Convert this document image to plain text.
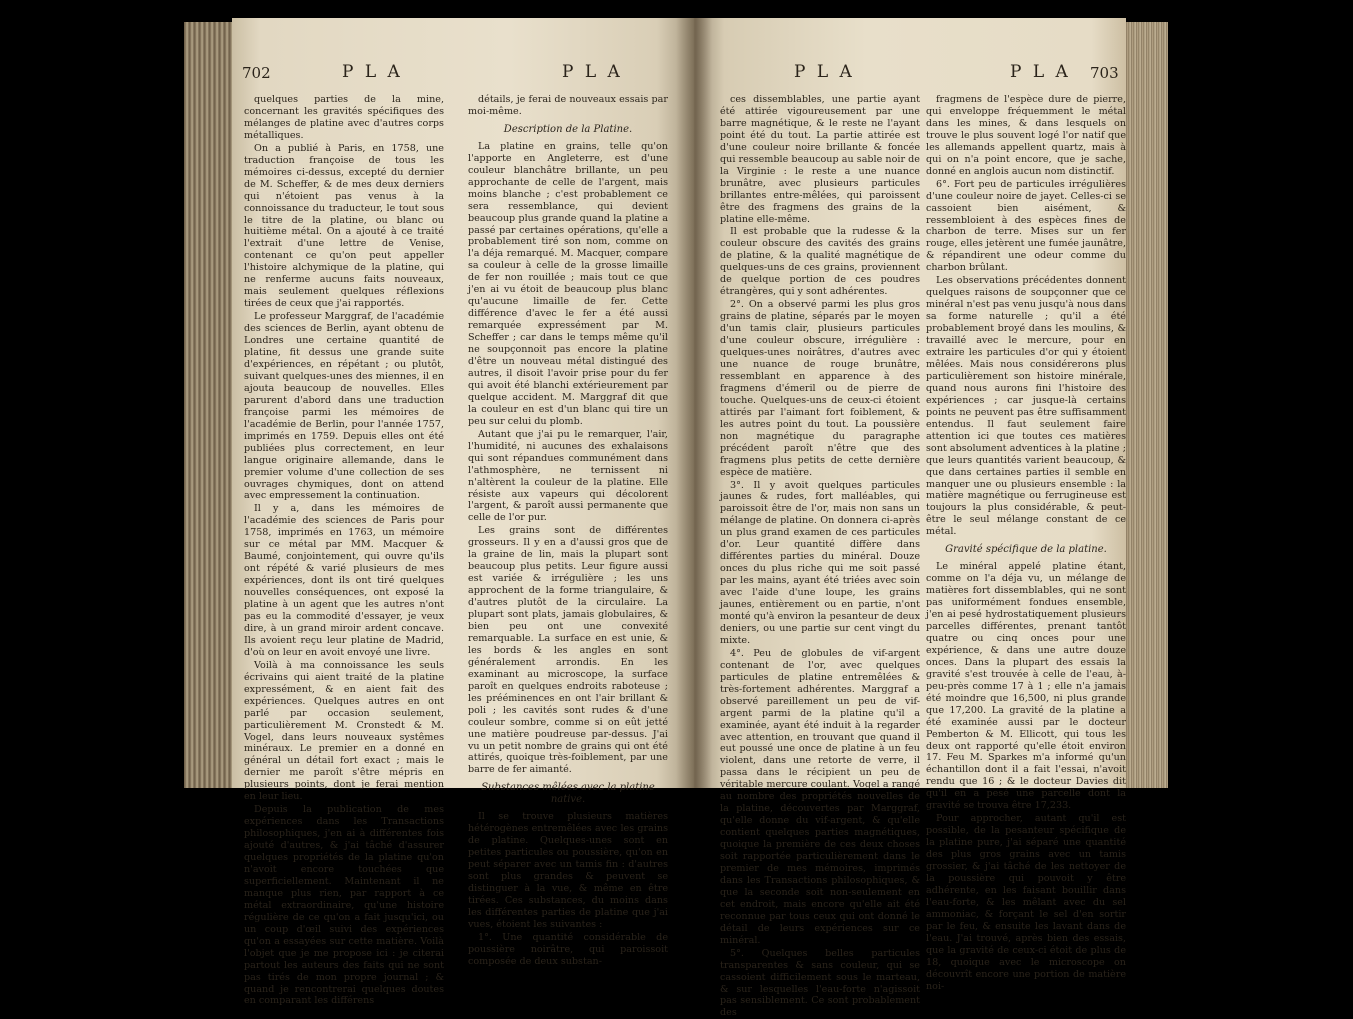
702	P L A	P L A

quelques parties de la mine, concernant les gravités spécifiques des mélanges de platine avec d'autres corps métalliques.

On a publié à Paris, en 1758, une traduction françoise de tous les mémoires ci-dessus, excepté du dernier de M. Scheffer, & de mes deux derniers qui n'étoient pas venus à la connoissance du traducteur, le tout sous le titre de la platine, ou blanc ou huitième métal. On a ajouté à ce traité l'extrait d'une lettre de Venise, contenant ce qu'on peut appeller l'histoire alchymique de la platine, qui ne renferme aucuns faits nouveaux, mais seulement quelques réflexions tirées de ceux que j'ai rapportés.

Le professeur Marggraf, de l'académie des sciences de Berlin, ayant obtenu de Londres une certaine quantité de platine, fit dessus une grande suite d'expériences, en répétant ; ou plutôt, suivant quelques-unes des miennes, il en ajouta beaucoup de nouvelles. Elles parurent d'abord dans une traduction françoise parmi les mémoires de l'académie de Berlin, pour l'année 1757, imprimés en 1759. Depuis elles ont été publiées plus correctement, en leur langue originaire allemande, dans le premier volume d'une collection de ses ouvrages chymiques, dont on attend avec empressement la continuation.

Il y a, dans les mémoires de l'académie des sciences de Paris pour 1758, imprimés en 1763, un mémoire sur ce métal par MM. Macquer & Baumé, conjointement, qui ouvre qu'ils ont répété & varié plusieurs de mes expériences, dont ils ont tiré quelques nouvelles conséquences, ont exposé la platine à un agent que les autres n'ont pas eu la commodité d'essayer, je veux dire, à un grand miroir ardent concave. Ils avoient reçu leur platine de Madrid, d'où on leur en avoit envoyé une livre.

Voilà à ma connoissance les seuls écrivains qui aient traité de la platine expressément, & en aient fait des expériences. Quelques autres en ont parlé par occasion seulement, particulièrement M. Cronstedt & M. Vogel, dans leurs nouveaux systêmes minéraux. Le premier en a donné en général un détail fort exact ; mais le dernier me paroît s'être mépris en plusieurs points, dont je ferai mention en leur lieu.

Depuis la publication de mes expériences dans les Transactions philosophiques, j'en ai à différentes fois ajouté d'autres, & j'ai tâché d'assurer quelques propriétés de la platine qu'on n'avoit encore touchées que superficiellement. Maintenant il ne manque plus rien, par rapport à ce métal extraordinaire, qu'une histoire régulière de ce qu'on a fait jusqu'ici, ou un coup d'œil suivi des expériences qu'on a essayées sur cette matière. Voilà l'objet que je me propose ici : je citerai partout les auteurs des faits qui ne sont pas tirés de mon propre journal ; & quand je rencontrerai quelques doutes en comparant les différens

détails, je ferai de nouveaux essais par moi-même.

Description de la Platine.

La platine en grains, telle qu'on l'apporte en Angleterre, est d'une couleur blanchâtre brillante, un peu approchante de celle de l'argent, mais moins blanche ; c'est probablement ce sera ressemblance, qui devient beaucoup plus grande quand la platine a passé par certaines opérations, qu'elle a probablement tiré son nom, comme on l'a déja remarqué. M. Macquer, compare sa couleur à celle de la grosse limaille de fer non rouillée ; mais tout ce que j'en ai vu étoit de beaucoup plus blanc qu'aucune limaille de fer. Cette différence d'avec le fer a été aussi remarquée expressément par M. Scheffer ; car dans le temps même qu'il ne soupçonnoit pas encore la platine d'être un nouveau métal distingué des autres, il disoit l'avoir prise pour du fer qui avoit été blanchi extérieurement par quelque accident. M. Marggraf dit que la couleur en est d'un blanc qui tire un peu sur celui du plomb.

Autant que j'ai pu le remarquer, l'air, l'humidité, ni aucunes des exhalaisons qui sont répandues communément dans l'athmosphère, ne ternissent ni n'altèrent la couleur de la platine. Elle résiste aux vapeurs qui décolorent l'argent, & paroît aussi permanente que celle de l'or pur.

Les grains sont de différentes grosseurs. Il y en a d'aussi gros que de la graine de lin, mais la plupart sont beaucoup plus petits. Leur figure aussi est variée & irrégulière ; les uns approchent de la forme triangulaire, & d'autres plutôt de la circulaire. La plupart sont plats, jamais globulaires, & bien peu ont une convexité remarquable. La surface en est unie, & les bords & les angles en sont généralement arrondis. En les examinant au microscope, la surface paroît en quelques endroits raboteuse ; les prééminences en ont l'air brillant & poli ; les cavités sont rudes & d'une couleur sombre, comme si on eût jetté une matière poudreuse par-dessus. J'ai vu un petit nombre de grains qui ont été attirés, quoique très-foiblement, par une barre de fer aimanté.

Substances mêlées avec la platine native.

Il se trouve plusieurs matières hétérogènes entremêlées avec les grains de platine. Quelques-unes sont en petites particules ou poussière, qu'on en peut séparer avec un tamis fin : d'autres sont plus grandes & peuvent se distinguer à la vue, & même en être tirées. Ces substances, du moins dans les différentes parties de platine que j'ai vues, étoient les suivantes :

1°. Une quantité considérable de poussière noirâtre, qui paroissoit composée de deux substan-

P L A	P L A 703

ces dissemblables, une partie ayant été attirée vigoureusement par une barre magnétique, & le reste ne l'ayant point été du tout. La partie attirée est d'une couleur noire brillante & foncée qui ressemble beaucoup au sable noir de la Virginie : le reste a une nuance brunâtre, avec plusieurs particules brillantes entre-mêlées, qui paroissent être des fragmens des grains de la platine elle-même.

Il est probable que la rudesse & la couleur obscure des cavités des grains de platine, & la qualité magnétique de quelques-uns de ces grains, proviennent de quelque portion de ces poudres étrangères, qui y sont adhérentes.

2°. On a observé parmi les plus gros grains de platine, séparés par le moyen d'un tamis clair, plusieurs particules d'une couleur obscure, irrégulière : quelques-unes noirâtres, d'autres avec une nuance de rouge brunâtre, ressemblant en apparence à des fragmens d'émeril ou de pierre de touche. Quelques-uns de ceux-ci étoient attirés par l'aimant fort foiblement, & les autres point du tout. La poussière non magnétique du paragraphe précédent paroît n'être que des fragmens plus petits de cette dernière espèce de matière.

3°. Il y avoit quelques particules jaunes & rudes, fort malléables, qui paroissoit être de l'or, mais non sans un mélange de platine. On donnera ci-après un plus grand examen de ces particules d'or. Leur quantité diffère dans différentes parties du minéral. Douze onces du plus riche qui me soit passé par les mains, ayant été triées avec soin avec l'aide d'une loupe, les grains jaunes, entièrement ou en partie, n'ont monté qu'à environ la pesanteur de deux deniers, ou une partie sur cent vingt du mixte.

4°. Peu de globules de vif-argent contenant de l'or, avec quelques particules de platine entremêlées & très-fortement adhérentes. Marggraf a observé pareillement un peu de vif-argent parmi de la platine qu'il a examinée, ayant été induit à la regarder avec attention, en trouvant que quand il eut poussé une once de platine à un feu violent, dans une retorte de verre, il passa dans le récipient un peu de véritable mercure coulant. Vogel a rangé au nombre des propriétés nouvelles de la platine, découvertes par Marggraf, qu'elle donne du vif-argent, & qu'elle contient quelques parties magnétiques, quoique la première de ces deux choses soit rapportée particulièrement dans le premier de mes mémoires, imprimés dans les Transactions philosophiques, & que la seconde soit non-seulement en cet endroit, mais encore qu'elle ait été reconnue par tous ceux qui ont donné le détail de leurs expériences sur ce minéral.

5°. Quelques belles particules transparentes & sans couleur, qui se cassoient difficilement sous le marteau, & sur lesquelles l'eau-forte n'agissoit pas sensiblement. Ce sont probablement des

fragmens de l'espèce dure de pierre, qui enveloppe fréquemment le métal dans les mines, & dans lesquels on trouve le plus souvent logé l'or natif que les allemands appellent quartz, mais à qui on n'a point encore, que je sache, donné en anglois aucun nom distinctif.

6°. Fort peu de particules irrégulières d'une couleur noire de jayet. Celles-ci se cassoient bien aisément, & ressembloient à des espèces fines de charbon de terre. Mises sur un fer rouge, elles jetèrent une fumée jaunâtre, & répandirent une odeur comme du charbon brûlant.

Les observations précédentes donnent quelques raisons de soupçonner que ce minéral n'est pas venu jusqu'à nous dans sa forme naturelle ; qu'il a été probablement broyé dans les moulins, & travaillé avec le mercure, pour en extraire les particules d'or qui y étoient mêlées. Mais nous considérerons plus particulièrement son histoire minérale, quand nous aurons fini l'histoire des expériences ; car jusque-là certains points ne peuvent pas être suffisamment entendus. Il faut seulement faire attention ici que toutes ces matières sont absolument adventices à la platine ; que leurs quantités varient beaucoup, & que dans certaines parties il semble en manquer une ou plusieurs ensemble : la matière magnétique ou ferrugineuse est toujours la plus considérable, & peut-être le seul mélange constant de ce métal.

Gravité spécifique de la platine.

Le minéral appelé platine étant, comme on l'a déja vu, un mélange de matières fort dissemblables, qui ne sont pas uniformément fondues ensemble, j'en ai pesé hydrostatiquement plusieurs parcelles différentes, prenant tantôt quatre ou cinq onces pour une expérience, & dans une autre douze onces. Dans la plupart des essais la gravité s'est trouvée à celle de l'eau, à-peu-près comme 17 à 1 ; elle n'a jamais été moindre que 16,500, ni plus grande que 17,200. La gravité de la platine a été examinée aussi par le docteur Pemberton & M. Ellicott, qui tous les deux ont rapporté qu'elle étoit environ 17. Feu M. Sparkes m'a informé qu'un échantillon dont il a fait l'essai, n'avoit rendu que 16 ; & le docteur Davies dit qu'il en a pesé une parcelle dont la gravité se trouva être 17,233.

Pour approcher, autant qu'il est possible, de la pesanteur spécifique de la platine pure, j'ai séparé une quantité des plus gros grains avec un tamis grossier, & j'ai tâché de les nettoyer de la poussière qui pouvoit y être adhérente, en les faisant bouillir dans l'eau-forte, & les mêlant avec du sel ammoniac, & forçant le sel d'en sortir par le feu, & ensuite les lavant dans de l'eau. J'ai trouvé, après bien des essais, que la gravité de ceux-ci étoit de plus de 18, quoique avec le microscope on découvrît encore une portion de matière noi-
